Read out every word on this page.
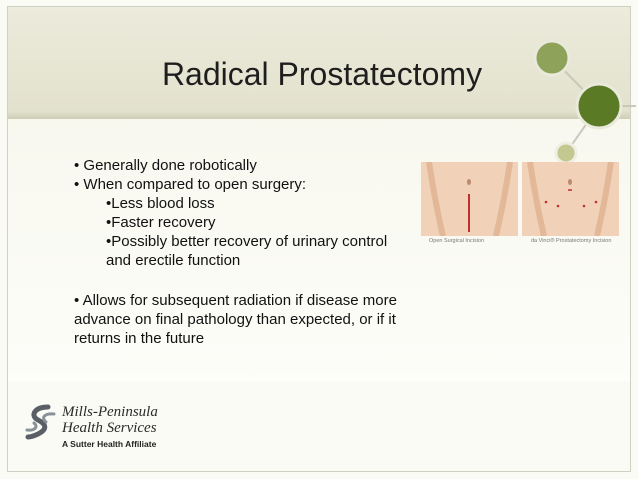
Radical Prostatectomy

• Generally done robotically

• When compared to open surgery:

•Less blood loss

•Faster recovery

•Possibly better recovery of urinary control

and erectile function

• Allows for subsequent radiation if disease more

advance on final pathology than expected, or if it

returns in the future

Open Surgical Incision	da Vinci® Prostatectomy Incision
Mills-Peninsula
Health Services
A Sutter Health Affiliate
